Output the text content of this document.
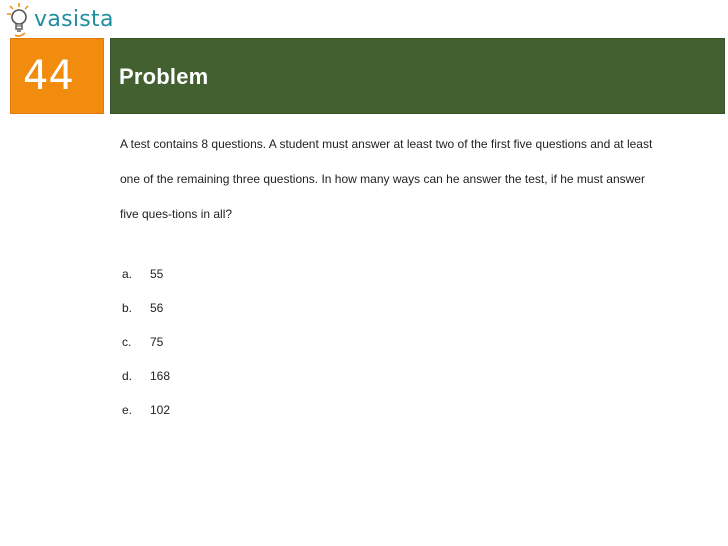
vasista
44	Problem

A test contains 8 questions. A student must answer at least two of the first five questions and at least

one of the remaining three questions. In how many ways can he answer the test, if he must answer

five ques-tions in all?

a. 55
b. 56
c. 75
d. 168
e. 102
